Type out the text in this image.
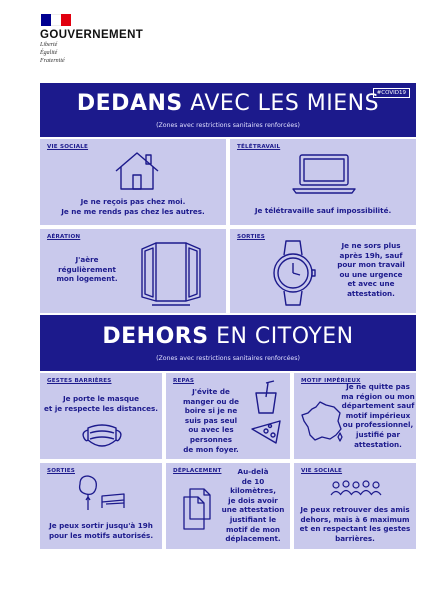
GOUVERNEMENT
Liberté
Égalité
Fraternité
#COVID19
DEDANS AVEC LES MIENS
(Zones avec restrictions sanitaires renforcées)
VIE SOCIALE
Je ne reçois pas chez moi.
Je ne me rends pas chez les autres.
TÉLÉTRAVAIL
Je télétravaille sauf impossibilité.
AÉRATION
J'aère
régulièrement
mon logement.
SORTIES
Je ne sors plus
après 19h, sauf
pour mon travail
ou une urgence
et avec une
attestation.
DEHORS EN CITOYEN
(Zones avec restrictions sanitaires renforcées)
GESTES BARRIÈRES
Je porte le masque
et je respecte les distances.
REPAS
J'évite de
manger ou de
boire si je ne
suis pas seul
ou avec les
personnes
de mon foyer.
MOTIF IMPÉRIEUX
Je ne quitte pas
ma région ou mon
département sauf
motif impérieux
ou professionnel,
justifié par
attestation.
SORTIES
Je peux sortir jusqu'à 19h
pour les motifs autorisés.
DÉPLACEMENT	Au-delà
de 10
kilomètres,
je dois avoir
une attestation
justifiant le
motif de mon
déplacement.
VIE SOCIALE
Je peux retrouver des amis
dehors, mais à 6 maximum
et en respectant les gestes
barrières.
